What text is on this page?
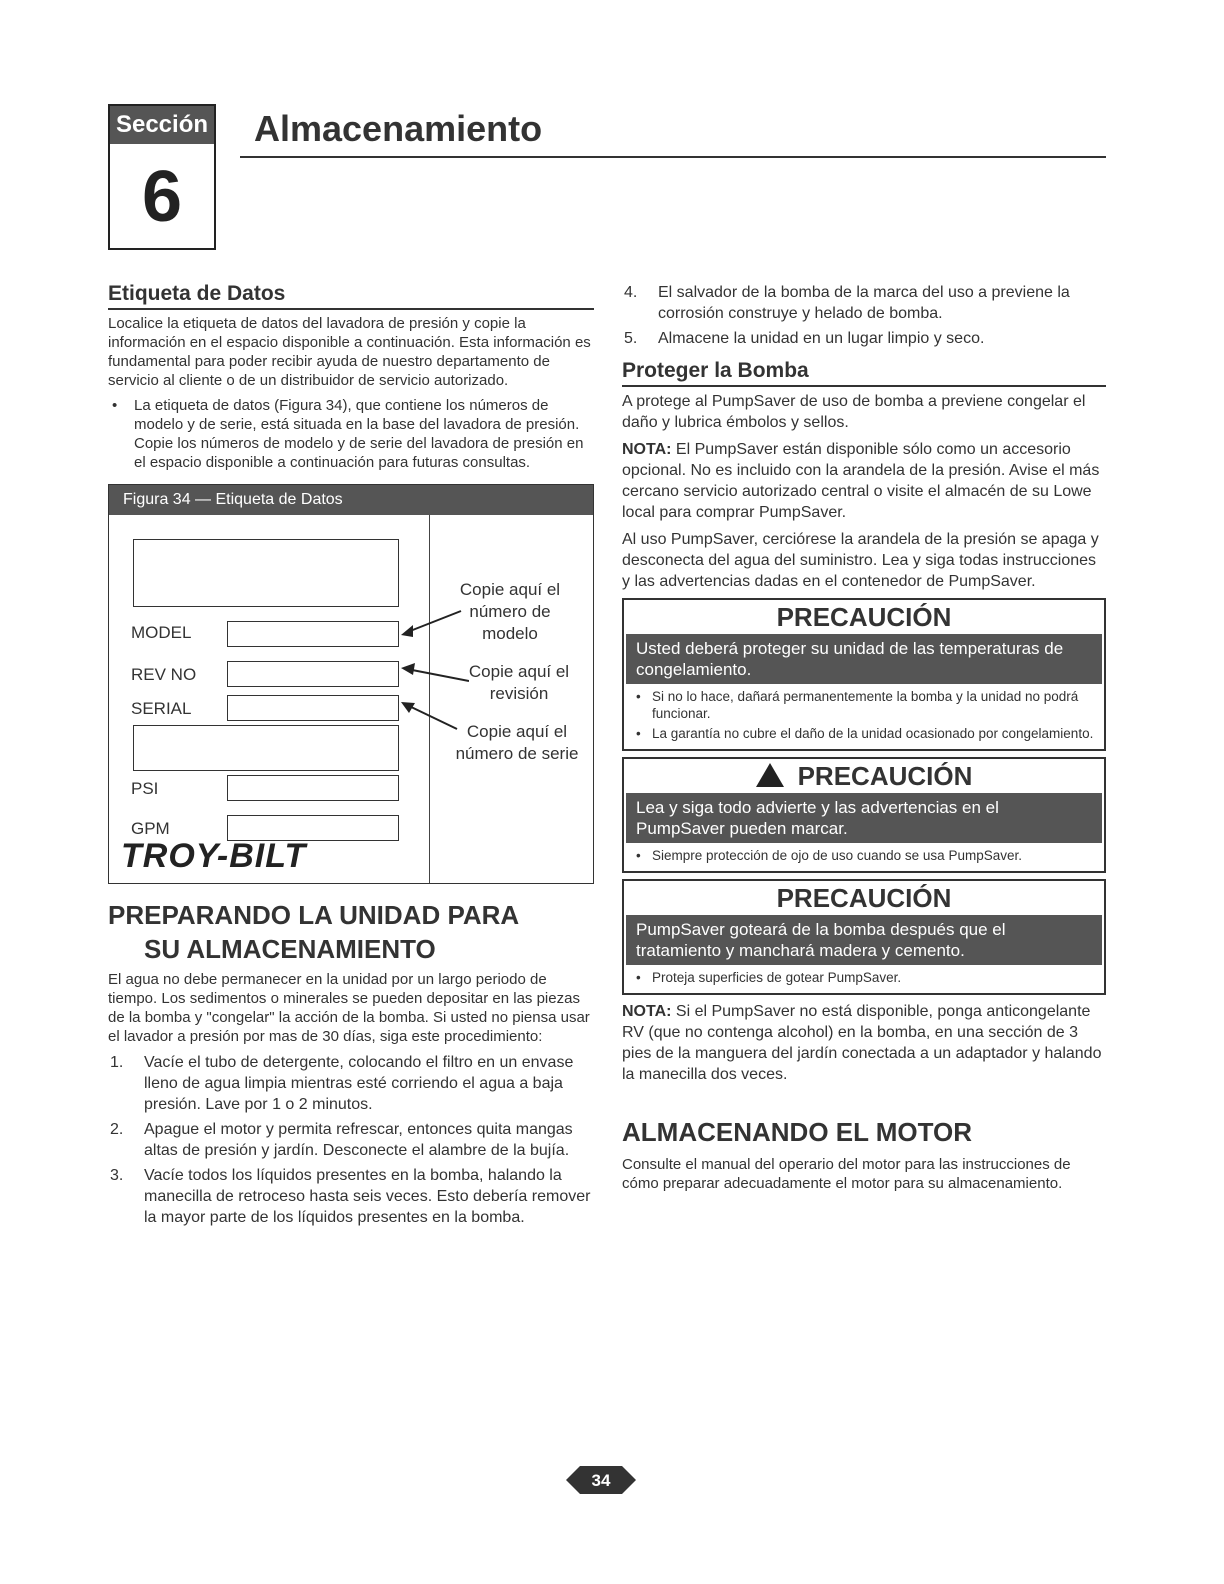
Sección
6
Almacenamiento
Etiqueta de Datos

Localice la etiqueta de datos del lavadora de presión y copie la información en el espacio disponible a continuación. Esta información es fundamental para poder recibir ayuda de nuestro departamento de servicio al cliente o de un distribuidor de servicio autorizado.

• La etiqueta de datos (Figura 34), que contiene los números de modelo y de serie, está situada en la base del lavadora de presión. Copie los números de modelo y de serie del lavadora de presión en el espacio disponible a continuación para futuras consultas.
Figura 34 — Etiqueta de Datos
MODEL
REV NO
SERIAL
PSI
GPM
Copie aquí el número de modelo
Copie aquí el revisión
Copie aquí el número de serie
TROY-BILT
PREPARANDO LA UNIDAD PARA
SU ALMACENAMIENTO

El agua no debe permanecer en la unidad por un largo periodo de tiempo. Los sedimentos o minerales se pueden depositar en las piezas de la bomba y "congelar" la acción de la bomba. Si usted no piensa usar el lavador a presión por mas de 30 días, siga este procedimiento:

1. Vacíe el tubo de detergente, colocando el filtro en un envase lleno de agua limpia mientras esté corriendo el agua a baja presión. Lave por 1 o 2 minutos.
2. Apague el motor y permita refrescar, entonces quita mangas altas de presión y jardín. Desconecte el alambre de la bujía.
3. Vacíe todos los líquidos presentes en la bomba, halando la manecilla de retroceso hasta seis veces. Esto debería remover la mayor parte de los líquidos presentes en la bomba.
4. El salvador de la bomba de la marca del uso a previene la corrosión construye y helado de bomba.
5. Almacene la unidad en un lugar limpio y seco.
Proteger la Bomba

A protege al PumpSaver de uso de bomba a previene congelar el daño y lubrica émbolos y sellos.

NOTA: El PumpSaver están disponible sólo como un accesorio opcional. No es incluido con la arandela de la presión. Avise el más cercano servicio autorizado central o visite el almacén de su Lowe local para comprar PumpSaver.

Al uso PumpSaver, cerciórese la arandela de la presión se apaga y desconecta del agua del suministro. Lea y siga todas instrucciones y las advertencias dadas en el contenedor de PumpSaver.

PRECAUCIÓN
Usted deberá proteger su unidad de las temperaturas de congelamiento.
• Si no lo hace, dañará permanentemente la bomba y la unidad no podrá funcionar.
• La garantía no cubre el daño de la unidad ocasionado por congelamiento.
PRECAUCIÓN
Lea y siga todo advierte y las advertencias en el PumpSaver pueden marcar.
• Siempre protección de ojo de uso cuando se usa PumpSaver.
PRECAUCIÓN
PumpSaver goteará de la bomba después que el tratamiento y manchará madera y cemento.
• Proteja superficies de gotear PumpSaver.

NOTA: Si el PumpSaver no está disponible, ponga anticongelante RV (que no contenga alcohol) en la bomba, en una sección de 3 pies de la manguera del jardín conectada a un adaptador y halando la manecilla dos veces.

ALMACENANDO EL MOTOR

Consulte el manual del operario del motor para las instrucciones de cómo preparar adecuadamente el motor para su almacenamiento.

34
